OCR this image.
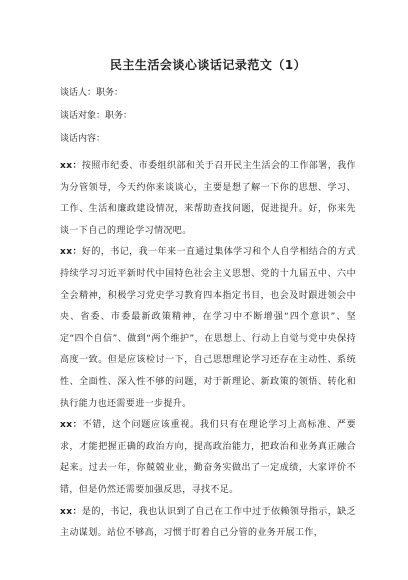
民主生活会谈心谈话记录范文（1）

谈话人：职务：

谈话对象：职务：

谈话内容：

xx：按照市纪委、市委组织部和关于召开民主生活会的工作部署，我作为分管领导，今天约你来谈谈心，主要是想了解一下你的思想、学习、工作、生活和廉政建设情况，来帮助查找问题，促进提升。好，你来先谈一下自己的理论学习情况吧。

xx：好的，书记，我一年来一直通过集体学习和个人自学相结合的方式持续学习习近平新时代中国特色社会主义思想、党的十九届五中、六中全会精神，积极学习党史学习教育四本指定书目，也会及时跟进领会中央、省委、市委最新政策精神，在学习中不断增强“四个意识”、坚定“四个自信”、做到“两个维护”，在思想上、行动上自觉与党中央保持高度一致。但是应该检讨一下，自己思想理论学习还存在主动性、系统性、全面性、深入性不够的问题，对于新理论、新政策的领悟、转化和执行能力也还需要进一步提升。

xx：不错，这个问题应该重视。我们只有在理论学习上高标准、严要求，才能把握正确的政治方向，提高政治能力，把政治和业务真正融合起来。过去一年，你兢兢业业，勤奋务实做出了一定成绩，大家评价不错，但是仍然还需要加强反思，寻找不足。

xx：是的，书记，我也认识到了自己在工作中过于依赖领导指示，缺乏主动谋划。站位不够高，习惯于盯着自己分管的业务开展工作，
